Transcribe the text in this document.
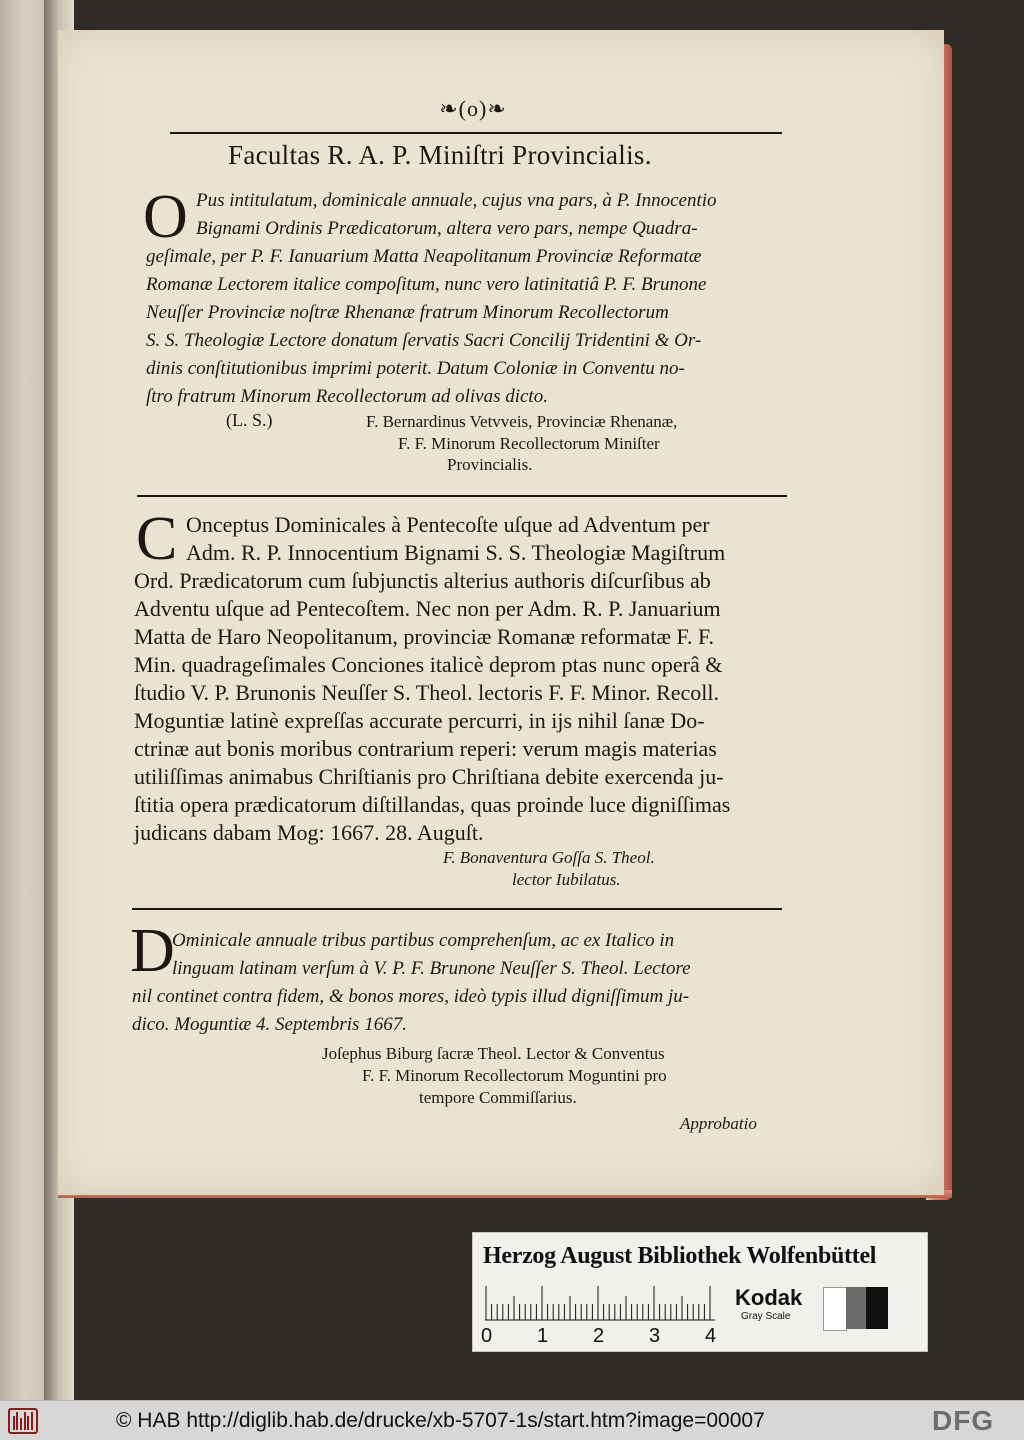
❧(o)❧
Facultas R. A. P. Miniſtri Provincialis.
O Pus intitulatum, dominicale annuale, cujus vna pars, à P. Innocentio
Bignami Ordinis Prædicatorum, altera vero pars, nempe Quadra-
geſimale, per P. F. Ianuarium Matta Neapolitanum Provinciæ Reformatæ
Romanæ Lectorem italice compoſitum, nunc vero latinitatiâ P. F. Brunone
Neuſſer Provinciæ noſtræ Rhenanæ fratrum Minorum Recollectorum
S. S. Theologiæ Lectore donatum ſervatis Sacri Concilij Tridentini & Or-
dinis conſtitutionibus imprimi poterit. Datum Coloniæ in Conventu no-
ſtro fratrum Minorum Recollectorum ad olivas dicto.
(L. S.)	F. Bernardinus Vetvveis, Provinciæ Rhenanæ,
F. F. Minorum Recollectorum Miniſter
Provincialis.
C Onceptus Dominicales à Pentecoſte uſque ad Adventum per
Adm. R. P. Innocentium Bignami S. S. Theologiæ Magiſtrum
Ord. Prædicatorum cum ſubjunctis alterius authoris diſcurſibus ab
Adventu uſque ad Pentecoſtem. Nec non per Adm. R. P. Januarium
Matta de Haro Neopolitanum, provinciæ Romanæ reformatæ F. F.
Min. quadrageſimales Conciones italicè deprom ptas nunc operâ &
ſtudio V. P. Brunonis Neuſſer S. Theol. lectoris F. F. Minor. Recoll.
Moguntiæ latinè expreſſas accurate percurri, in ijs nihil ſanæ Do-
ctrinæ aut bonis moribus contrarium reperi: verum magis materias
utiliſſimas animabus Chriſtianis pro Chriſtiana debite exercenda ju-
ſtitia opera prædicatorum diſtillandas, quas proinde luce digniſſimas
judicans dabam Mog: 1667. 28. Auguſt.
F. Bonaventura Goſſa S. Theol.
lector Iubilatus.
D
Ominicale annuale tribus partibus comprehenſum, ac ex Italico in
linguam latinam verſum à V. P. F. Brunone Neuſſer S. Theol. Lectore
nil continet contra fidem, & bonos mores, ideò typis illud digniſſimum ju-
dico. Moguntiæ 4. Septembris 1667.
Joſephus Biburg ſacræ Theol. Lector & Conventus
F. F. Minorum Recollectorum Moguntini pro
tempore Commiſſarius.
Approbatio
Herzog August Bibliothek Wolfenbüttel
0 1 2 3 4
Kodak
Gray Scale
© HAB http://diglib.hab.de/drucke/xb-5707-1s/start.htm?image=00007	DFG
